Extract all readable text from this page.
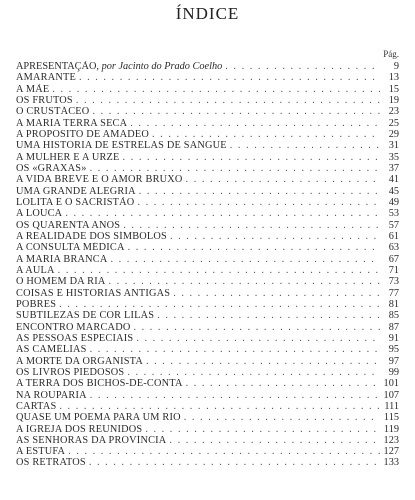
ÍNDICE
Pág.
APRESENTAÇÃO, por Jacinto do Prado Coelho . . .	9
AMARANTE . . .	13
A MÃE . . .	15
OS FRUTOS . . .	19
O CRUSTÁCEO . . .	23
A MARIA TERRA SECA . . .	25
A PROPÓSITO DE AMADEO . . .	29
UMA HISTÓRIA DE ESTRELAS DE SANGUE . . .	31
A MULHER E A URZE . . .	35
OS «GRAXAS» . . .	37
A VIDA BREVE E O AMOR BRUXO . . .	41
UMA GRANDE ALEGRIA . . .	45
LOLITA E O SACRISTÃO . . .	49
A LOUCA . . .	53
OS QUARENTA ANOS . . .	57
A REALIDADE DOS SÍMBOLOS . . .	61
A CONSULTA MÉDICA . . .	63
A MARIA BRANCA . . .	67
A AULA . . .	71
O HOMEM DA RIA . . .	73
COISAS E HISTÓRIAS ANTIGAS . . .	77
POBRES . . .	81
SUBTILEZAS DE COR LILÁS . . .	85
ENCONTRO MARCADO . . .	87
AS PESSOAS ESPECIAIS . . .	91
AS CAMÉLIAS . . .	95
A MORTE DA ORGANISTA . . .	97
OS LIVROS PIEDOSOS . . .	99
A TERRA DOS BICHOS-DE-CONTA . . .	101
NA ROUPARIA . . .	107
CARTAS . . .	111
QUASE UM POEMA PARA UM RIO . . .	115
A IGREJA DOS REUNIDOS . . .	119
AS SENHORAS DA PROVÍNCIA . . .	123
A ESTUFA . . .	127
OS RETRATOS . . .	133
